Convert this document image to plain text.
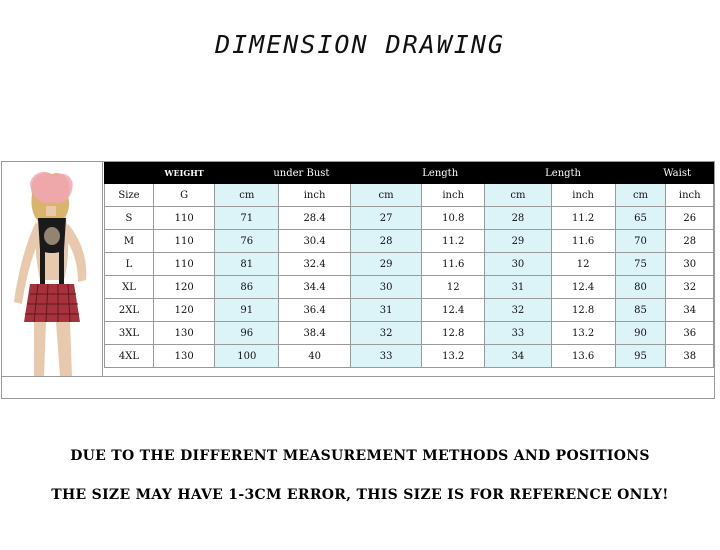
DIMENSION DRAWING
	WEIGHT	under Bust			Length	Length		Waist	
Size	G	cm	inch	cm	inch	cm	inch	cm	inch
S	110	71	28.4	27	10.8	28	11.2	65	26
M	110	76	30.4	28	11.2	29	11.6	70	28
L	110	81	32.4	29	11.6	30	12	75	30
XL	120	86	34.4	30	12	31	12.4	80	32
2XL	120	91	36.4	31	12.4	32	12.8	85	34
3XL	130	96	38.4	32	12.8	33	13.2	90	36
4XL	130	100	40	33	13.2	34	13.6	95	38
DUE TO THE DIFFERENT MEASUREMENT METHODS AND POSITIONS
THE SIZE MAY HAVE 1-3CM ERROR, THIS SIZE IS FOR REFERENCE ONLY!
